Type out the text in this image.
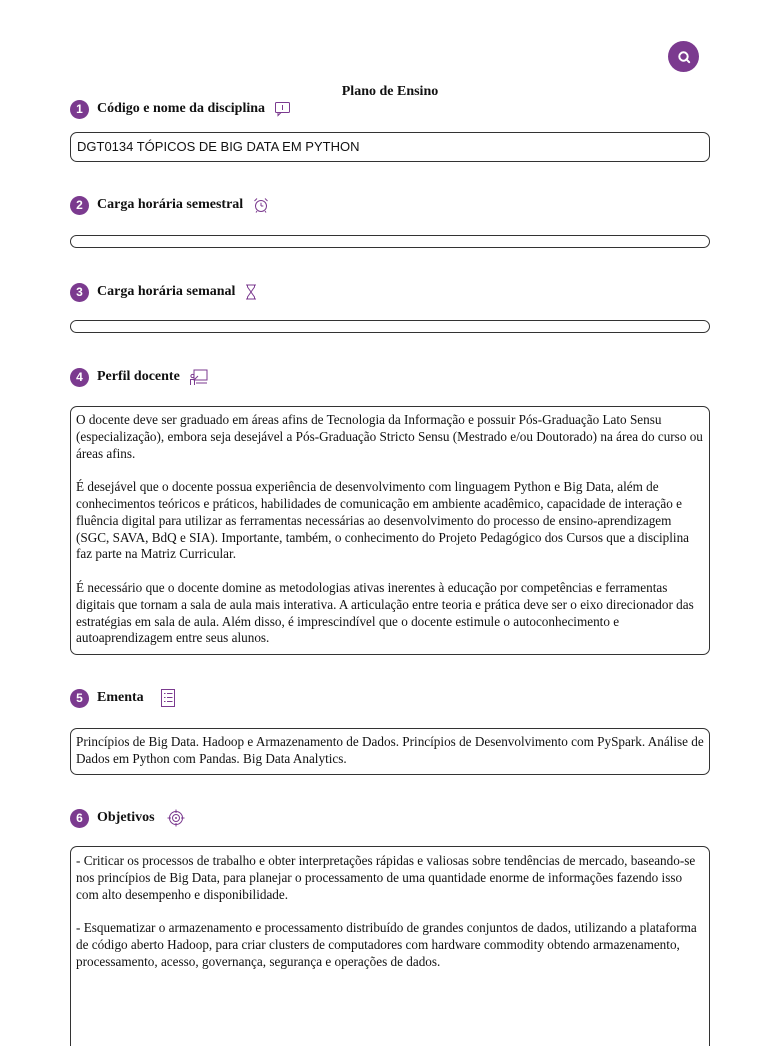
Plano de Ensino
1	Código e nome da disciplina
DGT0134 TÓPICOS DE BIG DATA EM PYTHON
2	Carga horária semestral
3	Carga horária semanal
4	Perfil docente

O docente deve ser graduado em áreas afins de Tecnologia da Informação e possuir Pós-Graduação Lato Sensu (especialização), embora seja desejável a Pós-Graduação Stricto Sensu (Mestrado e/ou Doutorado) na área do curso ou áreas afins.

É desejável que o docente possua experiência de desenvolvimento com linguagem Python e Big Data, além de conhecimentos teóricos e práticos, habilidades de comunicação em ambiente acadêmico, capacidade de interação e fluência digital para utilizar as ferramentas necessárias ao desenvolvimento do processo de ensino-aprendizagem (SGC, SAVA, BdQ e SIA). Importante, também, o conhecimento do Projeto Pedagógico dos Cursos que a disciplina faz parte na Matriz Curricular.

É necessário que o docente domine as metodologias ativas inerentes à educação por competências e ferramentas digitais que tornam a sala de aula mais interativa. A articulação entre teoria e prática deve ser o eixo direcionador das estratégias em sala de aula. Além disso, é imprescindível que o docente estimule o autoconhecimento e autoaprendizagem entre seus alunos.

5	Ementa

Princípios de Big Data. Hadoop e Armazenamento de Dados. Princípios de Desenvolvimento com PySpark. Análise de Dados em Python com Pandas. Big Data Analytics.

6	Objetivos

- Criticar os processos de trabalho e obter interpretações rápidas e valiosas sobre tendências de mercado, baseando-se nos princípios de Big Data, para planejar o processamento de uma quantidade enorme de informações fazendo isso com alto desempenho e disponibilidade.

- Esquematizar o armazenamento e processamento distribuído de grandes conjuntos de dados, utilizando a plataforma de código aberto Hadoop, para criar clusters de computadores com hardware commodity obtendo armazenamento, processamento, acesso, governança, segurança e operações de dados.
